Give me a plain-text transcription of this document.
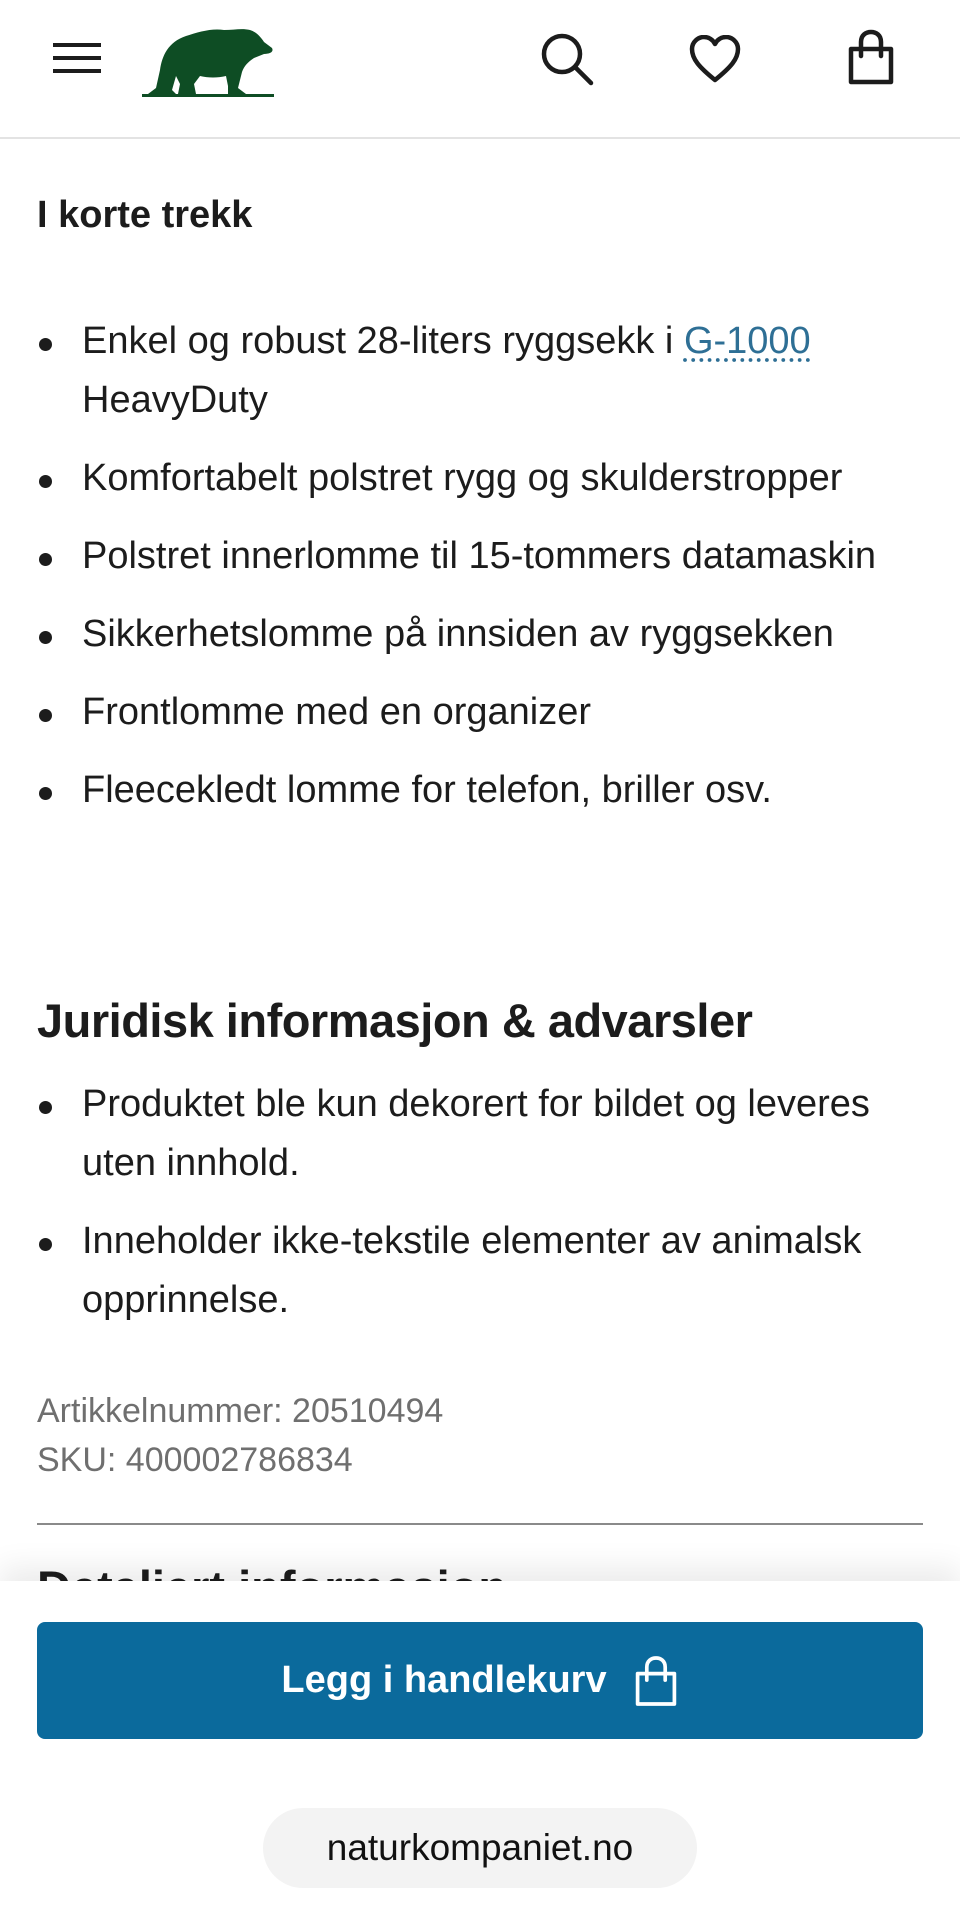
I korte trekk
Enkel og robust 28-liters ryggsekk i G-1000 HeavyDuty
Komfortabelt polstret rygg og skulderstropper
Polstret innerlomme til 15-tommers datamaskin
Sikkerhetslomme på innsiden av ryggsekken
Frontlomme med en organizer
Fleecekledt lomme for telefon, briller osv.
Juridisk informasjon & advarsler
Produktet ble kun dekorert for bildet og leveres uten innhold.
Inneholder ikke-tekstile elementer av animalsk opprinnelse.
Artikkelnummer: 20510494
SKU: 400002786834
Legg i handlekurv
naturkompaniet.no
